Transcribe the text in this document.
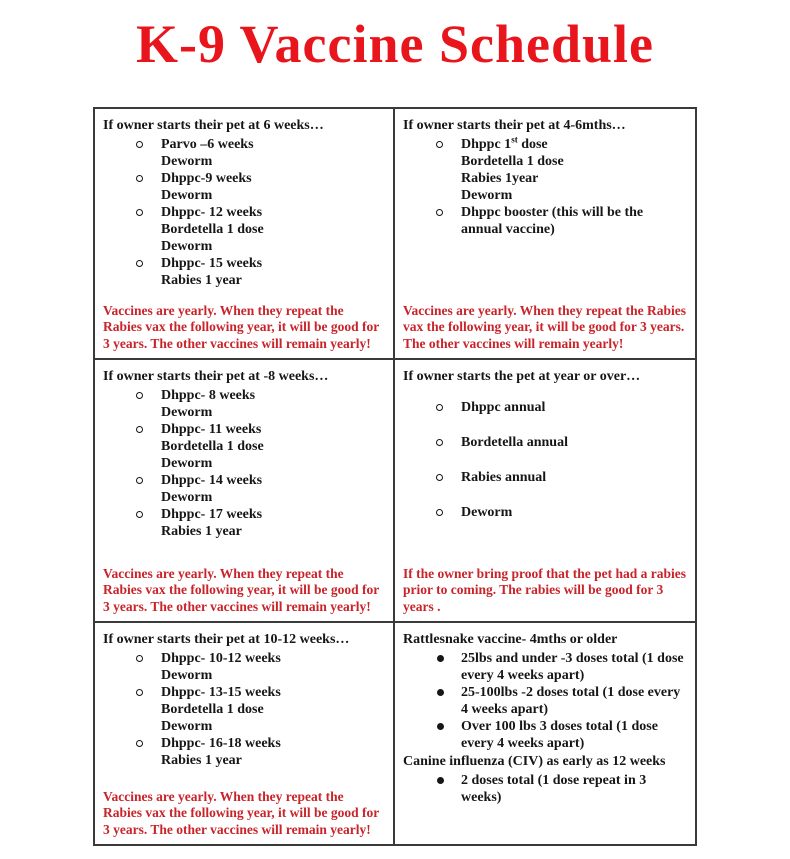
K-9 Vaccine Schedule
If owner starts their pet at 6 weeks…
Parvo –6 weeks
Deworm
Dhppc-9 weeks
Deworm
Dhppc- 12 weeks
Bordetella 1 dose
Deworm
Dhppc- 15 weeks
Rabies 1 year
Vaccines are yearly. When they repeat the Rabies vax the following year, it will be good for 3 years. The other vaccines will remain yearly!
If owner starts their pet at 4-6mths…
Dhppc 1st dose
Bordetella 1 dose
Rabies 1year
Deworm
Dhppc booster (this will be the annual vaccine)
Vaccines are yearly. When they repeat the Rabies vax the following year, it will be good for 3 years. The other vaccines will remain yearly!
If owner starts their pet at -8 weeks…
Dhppc- 8 weeks
Deworm
Dhppc- 11 weeks
Bordetella 1 dose
Deworm
Dhppc- 14 weeks
Deworm
Dhppc- 17 weeks
Rabies 1 year
Vaccines are yearly. When they repeat the Rabies vax the following year, it will be good for 3 years. The other vaccines will remain yearly!
If owner starts the pet at year or over…
Dhppc annual
Bordetella annual
Rabies annual
Deworm
If the owner bring proof that the pet had a rabies prior to coming. The rabies will be good for 3 years .
If owner starts their pet at 10-12 weeks…
Dhppc- 10-12 weeks
Deworm
Dhppc- 13-15 weeks
Bordetella 1 dose
Deworm
Dhppc- 16-18 weeks
Rabies 1 year
Vaccines are yearly. When they repeat the Rabies vax the following year, it will be good for 3 years. The other vaccines will remain yearly!
Rattlesnake vaccine- 4mths or older
25lbs and under -3 doses total (1 dose every 4 weeks apart)
25-100lbs -2 doses total (1 dose every 4 weeks apart)
Over 100 lbs 3 doses total (1 dose every 4 weeks apart)
Canine influenza (CIV) as early as 12 weeks
2 doses total (1 dose repeat in 3 weeks)
